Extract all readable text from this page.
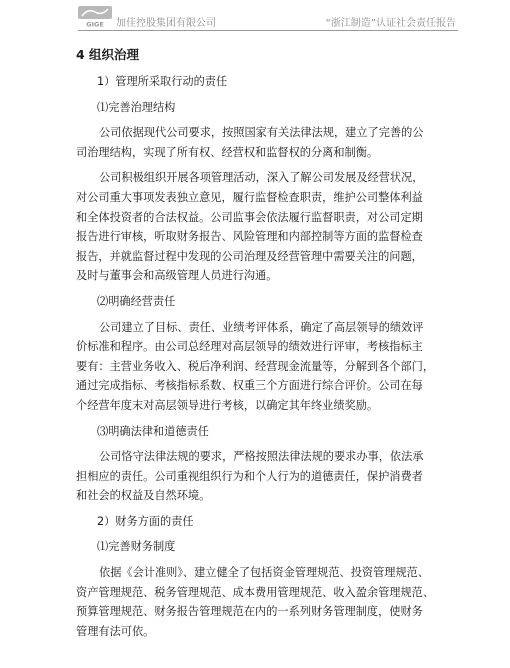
GIGE 加佳控股集团有限公司	“浙江制造”认证社会责任报告
4 组织治理
1）管理所采取行动的责任
⑴完善治理结构
公司依据现代公司要求，按照国家有关法律法规，建立了完善的公
司治理结构，实现了所有权、经营权和监督权的分离和制衡。
公司积极组织开展各项管理活动，深入了解公司发展及经营状况，
对公司重大事项发表独立意见，履行监督检查职责，维护公司整体利益
和全体投资者的合法权益。公司监事会依法履行监督职责，对公司定期
报告进行审核，听取财务报告、风险管理和内部控制等方面的监督检查
报告，并就监督过程中发现的公司治理及经营管理中需要关注的问题，
及时与董事会和高级管理人员进行沟通。
⑵明确经营责任
公司建立了目标、责任、业绩考评体系，确定了高层领导的绩效评
价标准和程序。由公司总经理对高层领导的绩效进行评审，考核指标主
要有：主营业务收入、税后净利润、经营现金流量等，分解到各个部门，
通过完成指标、考核指标系数、权重三个方面进行综合评价。公司在每
个经营年度末对高层领导进行考核，以确定其年终业绩奖励。
⑶明确法律和道德责任
公司恪守法律法规的要求，严格按照法律法规的要求办事，依法承
担相应的责任。公司重视组织行为和个人行为的道德责任，保护消费者
和社会的权益及自然环境。
2）财务方面的责任
⑴完善财务制度
依据《会计准则》、建立健全了包括资金管理规范、投资管理规范、
资产管理规范、税务管理规范、成本费用管理规范、收入盈余管理规范、
预算管理规范、财务报告管理规范在内的一系列财务管理制度，使财务
管理有法可依。
